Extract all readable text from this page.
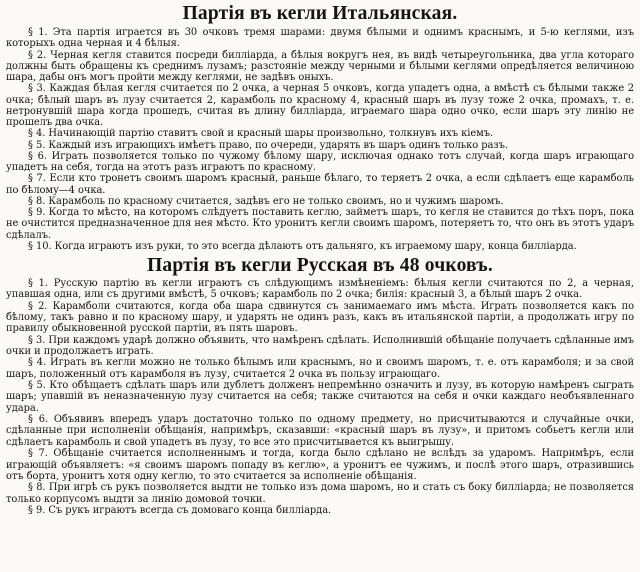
Партія въ кегли Итальянская.

§ 1. Эта партія играется въ 30 очковъ тремя шарами: двумя бѣлыми и однимъ краснымъ, и 5-ю кеглями, изъ которыхъ одна черная и 4 бѣлыя.

§ 2. Черная кегля ставится посреди билліарда, а бѣлыя вокругъ нея, въ видѣ четыреугольника, два угла котораго должны быть обращены къ среднимъ лузамъ; разстояніе между черными и бѣлыми кеглями опредѣляется величиною шара, дабы онъ могъ пройти между кеглями, не задѣвъ оныхъ.

§ 3. Каждая бѣлая кегля считается по 2 очка, а черная 5 очковъ, когда упадетъ одна, а вмѣстѣ съ бѣлыми также 2 очка; бѣлый шаръ въ лузу считается 2, карамболь по красному 4, красный шаръ въ лузу тоже 2 очка, промахъ, т. е. нетронувшій шара когда прошедъ, считая въ длину билліарда, играемаго шара одно очко, если шаръ эту линію не прошелъ два очка.

§ 4. Начинающій партію ставитъ свой и красный шары произвольно, толкнувъ ихъ кіемъ.

§ 5. Каждый изъ играющихъ имѣетъ право, по очереди, ударять въ шаръ одинъ только разъ.

§ 6. Играть позволяется только по чужому бѣлому шару, исключая однако тотъ случай, когда шаръ играющаго упадетъ на себя, тогда на этотъ разъ играютъ по красному.

§ 7. Если кто тронетъ своимъ шаромъ красный, раньше бѣлаго, то теряетъ 2 очка, а если сдѣлаетъ еще карамболь по бѣлому—4 очка.

§ 8. Карамболь по красному считается, задѣвъ его не только своимъ, но и чужимъ шаромъ.

§ 9. Когда то мѣсто, на которомъ слѣдуетъ поставить кеглю, займетъ шаръ, то кегля не ставится до тѣхъ поръ, пока не очистится предназначенное для нея мѣсто. Кто уронитъ кегли своимъ шаромъ, потеряетъ то, что онъ въ этотъ ударъ сдѣлалъ.

§ 10. Когда играютъ изъ руки, то это всегда дѣлаютъ отъ дальняго, къ играемому шару, конца билліарда.

Партія въ кегли Русская въ 48 очковъ.

§ 1. Русскую партію въ кегли играютъ съ слѣдующимъ измѣненіемъ: бѣлыя кегли считаются по 2, а черная, упавшая одна, или съ другими вмѣстѣ, 5 очковъ; карамболь по 2 очка; билія: красный 3, а бѣлый шаръ 2 очка.

§ 2. Карамболи считаются, когда оба шара сдвинутся съ занимаемаго имъ мѣста. Играть позволяется какъ по бѣлому, такъ равно и по красному шару, и ударять не одинъ разъ, какъ въ итальянской партіи, а продолжать игру по правилу обыкновенной русской партіи, въ пять шаровъ.

§ 3. При каждомъ ударѣ должно объявить, что намѣренъ сдѣлать. Исполнившій обѣщаніе получаетъ сдѣланные имъ очки и продолжаетъ играть.

§ 4. Играть въ кегли можно не только бѣлымъ или краснымъ, но и своимъ шаромъ, т. е. отъ карамболя; и за свой шаръ, положенный отъ карамболя въ лузу, считается 2 очка въ пользу играющаго.

§ 5. Кто обѣщаетъ сдѣлать шаръ или дублетъ долженъ непремѣнно означить и лузу, въ которую намѣренъ сыграть шаръ; упавшій въ неназначенную лузу считается на себя; также считаются на себя и очки каждаго необъявленнаго удара.

§ 6. Объявивъ впередъ ударъ достаточно только по одному предмету, но присчитываются и случайные очки, сдѣланные при исполненіи обѣщанія, напримѣръ, сказавши: «красный шаръ въ лузу», и притомъ собьетъ кегли или сдѣлаетъ карамболь и свой упадетъ въ лузу, то все это присчитывается къ выигрышу.

§ 7. Обѣщаніе считается исполненнымъ и тогда, когда было сдѣлано не вслѣдъ за ударомъ. Напримѣръ, если играющій объявляетъ: «я своимъ шаромъ попаду въ кеглю», а уронитъ ее чужимъ, и послѣ этого шаръ, отразившись отъ борта, уронитъ хотя одну кеглю, то это считается за исполненіе обѣщанія.

§ 8. При игрѣ съ рукъ позволяется выдти не только изъ дома шаромъ, но и стать съ боку билліарда; не позволяется только корпусомъ выдти за линію домовой точки.

§ 9. Съ рукъ играютъ всегда съ домоваго конца билліарда.
